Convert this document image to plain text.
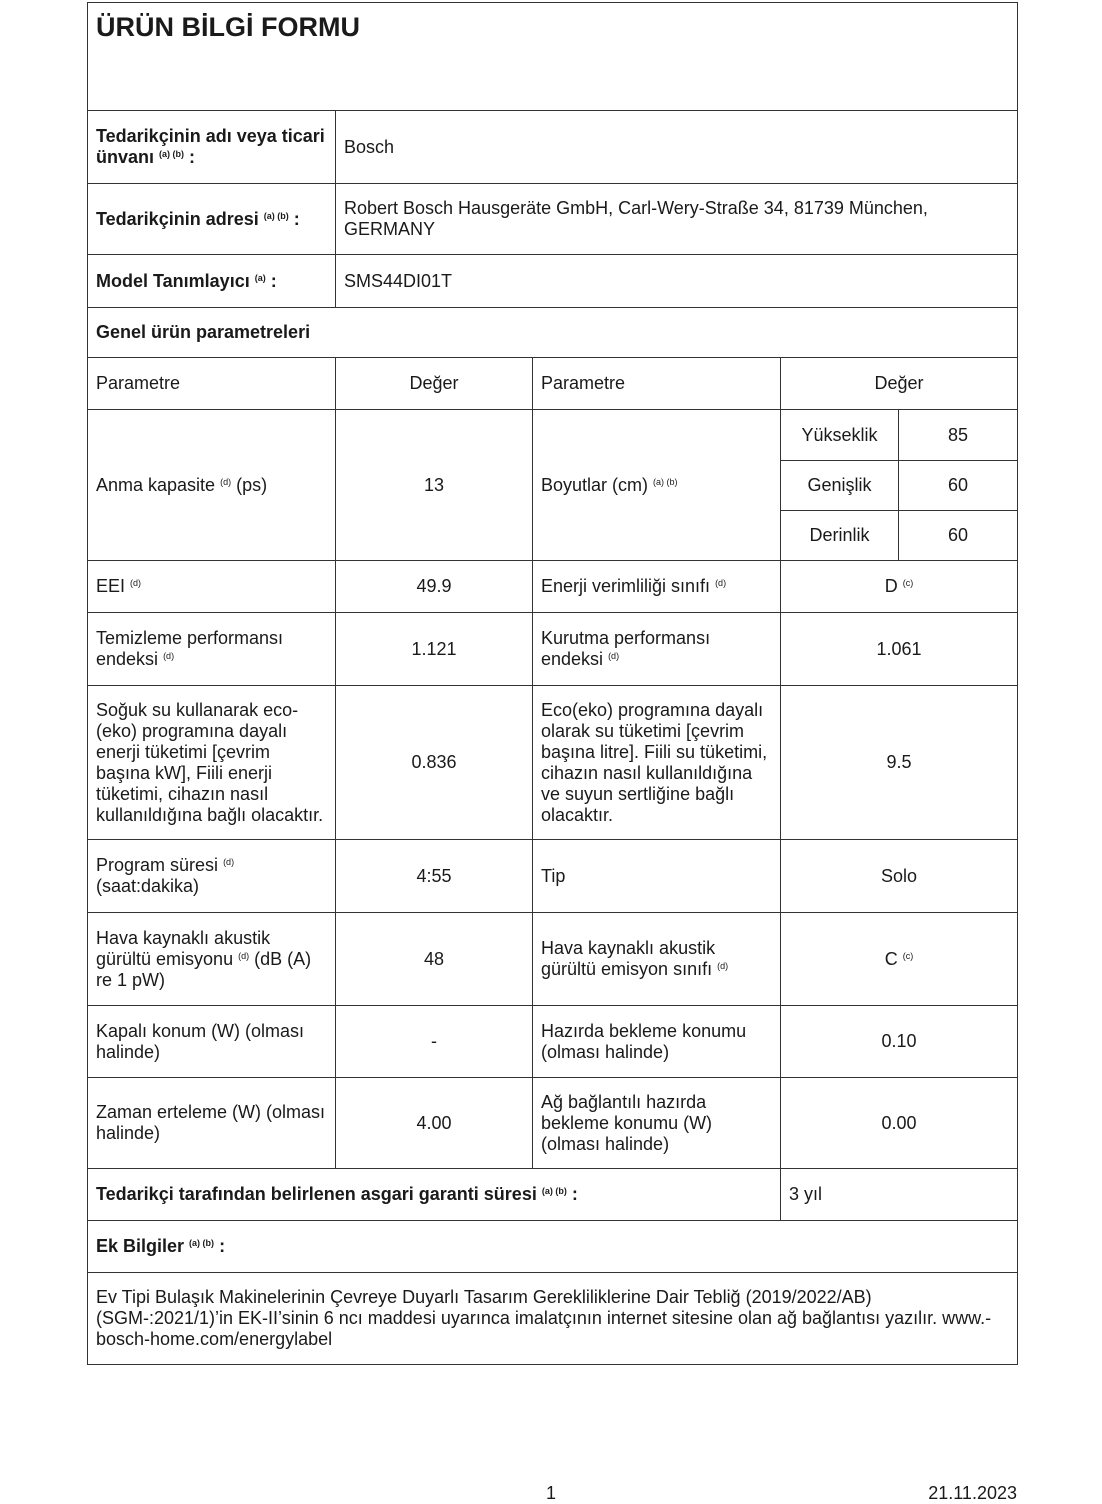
ÜRÜN BİLGİ FORMU				
Tedarikçinin adı veya ticari ünvanı $^{(a) (b)}$ :	Bosch			
Tedarikçinin adresi $^{(a) (b)}$ :	Robert Bosch Hausgeräte GmbH, Carl-Wery-Straße 34, 81739 München, GERMANY			
Model Tanımlayıcı $^{(a)}$ :	SMS44DI01T			
Genel ürün parametreleri				
Parametre	Değer	Parametre	Değer	
Anma kapasite $^{(d)}$ (ps)	13	Boyutlar (cm) $^{(a) (b)}$	Yükseklik	85
			Genişlik	60
			Derinlik	60
EEI $^{(d)}$	49.9	Enerji verimliliği sınıfı $^{(d)}$	D $^{(c)}$
Temizleme performansı endeksi $^{(d)}$	1.121	Kurutma performansı endeksi $^{(d)}$	1.061	
Soğuk su kullanarak eco-(eko) programına dayalı enerji tüketimi [çevrim başına kW], Fiili enerji tüketimi, cihazın nasıl kullanıldığına bağlı olacaktır.	0.836	Eco(eko) programına dayalı olarak su tüketimi [çevrim başına litre]. Fiili su tüketimi, cihazın nasıl kullanıldığına ve suyun sertliğine bağlı olacaktır.	9.5	
Program süresi $^{(d)}$ (saat:dakika)	4:55	Tip	Solo	
Hava kaynaklı akustik gürültü emisyonu $^{(d)}$ (dB (A) re 1 pW)	48	Hava kaynaklı akustik gürültü emisyon sınıfı $^{(d)}$	C $^{(c)}$
Kapalı konum (W) (olması halinde)	-	Hazırda bekleme konumu (olması halinde)	0.10	
Zaman erteleme (W) (olması halinde)	4.00	Ağ bağlantılı hazırda bekleme konumu (W) (olması halinde)	0.00	
Tedarikçi tarafından belirlenen asgari garanti süresi $^{(a) (b)}$ :			3 yıl	
Ek Bilgiler $^{(a) (b)}$ :				
Ev Tipi Bulaşık Makinelerinin Çevreye Duyarlı Tasarım Gerekliliklerine Dair Tebliğ (2019/2022/AB) (SGM-:2021/1)’in EK-II’sinin 6 ncı maddesi uyarınca imalatçının internet sitesine olan ağ bağlantısı yazılır. www.-bosch-home.com/energylabel				
1	21.11.2023
